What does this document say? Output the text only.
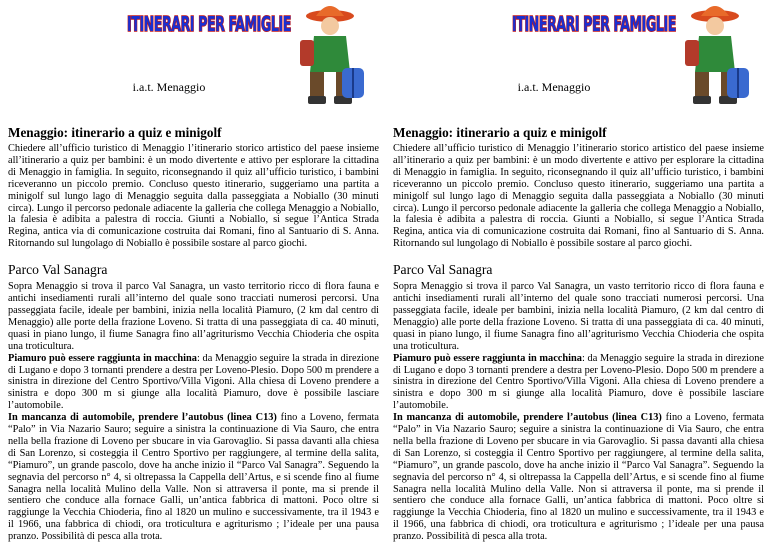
ITINERARI PER FAMIGLIE
i.a.t. Menaggio
Menaggio: itinerario a quiz e minigolf

Chiedere all’ufficio turistico di Menaggio l’itinerario storico artistico del paese insieme all’itinerario a quiz per bambini: è un modo divertente e attivo per esplorare la cittadina di Menaggio in famiglia. In seguito, riconsegnando il quiz all’ufficio turistico, i bambini riceveranno un piccolo premio. Concluso questo itinerario, suggeriamo una partita a minigolf sul lungo lago di Menaggio seguita dalla passeggiata a Nobiallo (30 minuti circa). Lungo il percorso pedonale adiacente la galleria che collega Menaggio a Nobiallo, la falesia è adibita a palestra di roccia. Giunti a Nobiallo, si segue l’Antica Strada Regina, antica via di comunicazione costruita dai Romani, fino al Santuario di S. Anna. Ritornando sul lungolago di Nobiallo è possibile sostare al parco giochi.

Parco Val Sanagra

Sopra Menaggio si trova il parco Val Sanagra, un vasto territorio ricco di flora fauna e antichi insediamenti rurali all’interno del quale sono tracciati numerosi percorsi. Una passeggiata facile, ideale per bambini, inizia nella località Piamuro, (2 km dal centro di Menaggio) alle porte della frazione Loveno. Si tratta di una passeggiata di ca. 40 minuti, quasi in piano lungo, il fiume Sanagra fino all’agriturismo Vecchia Chioderia che ospita una troticultura.

Piamuro può essere raggiunta in macchina: da Menaggio seguire la strada in direzione di Lugano e dopo 3 tornanti prendere a destra per Loveno-Plesio. Dopo 500 m prendere a sinistra in direzione del Centro Sportivo/Villa Vigoni. Alla chiesa di Loveno prendere a sinistra e dopo 300 m si giunge alla località Piamuro, dove è possibile lasciare l’automobile.

In mancanza di automobile, prendere l’autobus (linea C13) fino a Loveno, fermata “Palo” in Via Nazario Sauro; seguire a sinistra la continuazione di Via Sauro, che entra nella bella frazione di Loveno per sbucare in via Garovaglio. Si passa davanti alla chiesa di San Lorenzo, si costeggia il Centro Sportivo per raggiungere, al termine della salita, “Piamuro”, un grande pascolo, dove ha anche inizio il “Parco Val Sanagra”. Seguendo la segnavia del percorso n° 4, si oltrepassa la Cappella dell’Artus, e si scende fino al fiume Sanagra nella località Mulino della Valle. Non si attraversa il ponte, ma si prende il sentiero che conduce alla fornace Galli, un’antica fabbrica di mattoni. Poco oltre si raggiunge la Vecchia Chioderia, fino al 1820 un mulino e successivamente, tra il 1943 e il 1966, una fabbrica di chiodi, ora troticultura e agriturismo ; l’ideale per una pausa pranzo. Possibilità di pesca alla trota.

ITINERARI PER FAMIGLIE
i.a.t. Menaggio
Menaggio: itinerario a quiz e minigolf

Chiedere all’ufficio turistico di Menaggio l’itinerario storico artistico del paese insieme all’itinerario a quiz per bambini: è un modo divertente e attivo per esplorare la cittadina di Menaggio in famiglia. In seguito, riconsegnando il quiz all’ufficio turistico, i bambini riceveranno un piccolo premio. Concluso questo itinerario, suggeriamo una partita a minigolf sul lungo lago di Menaggio seguita dalla passeggiata a Nobiallo (30 minuti circa). Lungo il percorso pedonale adiacente la galleria che collega Menaggio a Nobiallo, la falesia è adibita a palestra di roccia. Giunti a Nobiallo, si segue l’Antica Strada Regina, antica via di comunicazione costruita dai Romani, fino al Santuario di S. Anna. Ritornando sul lungolago di Nobiallo è possibile sostare al parco giochi.

Parco Val Sanagra

Sopra Menaggio si trova il parco Val Sanagra, un vasto territorio ricco di flora fauna e antichi insediamenti rurali all’interno del quale sono tracciati numerosi percorsi. Una passeggiata facile, ideale per bambini, inizia nella località Piamuro, (2 km dal centro di Menaggio) alle porte della frazione Loveno. Si tratta di una passeggiata di ca. 40 minuti, quasi in piano lungo, il fiume Sanagra fino all’agriturismo Vecchia Chioderia che ospita una troticultura.

Piamuro può essere raggiunta in macchina: da Menaggio seguire la strada in direzione di Lugano e dopo 3 tornanti prendere a destra per Loveno-Plesio. Dopo 500 m prendere a sinistra in direzione del Centro Sportivo/Villa Vigoni. Alla chiesa di Loveno prendere a sinistra e dopo 300 m si giunge alla località Piamuro, dove è possibile lasciare l’automobile.

In mancanza di automobile, prendere l’autobus (linea C13) fino a Loveno, fermata “Palo” in Via Nazario Sauro; seguire a sinistra la continuazione di Via Sauro, che entra nella bella frazione di Loveno per sbucare in via Garovaglio. Si passa davanti alla chiesa di San Lorenzo, si costeggia il Centro Sportivo per raggiungere, al termine della salita, “Piamuro”, un grande pascolo, dove ha anche inizio il “Parco Val Sanagra”. Seguendo la segnavia del percorso n° 4, si oltrepassa la Cappella dell’Artus, e si scende fino al fiume Sanagra nella località Mulino della Valle. Non si attraversa il ponte, ma si prende il sentiero che conduce alla fornace Galli, un’antica fabbrica di mattoni. Poco oltre si raggiunge la Vecchia Chioderia, fino al 1820 un mulino e successivamente, tra il 1943 e il 1966, una fabbrica di chiodi, ora troticultura e agriturismo ; l’ideale per una pausa pranzo. Possibilità di pesca alla trota.
